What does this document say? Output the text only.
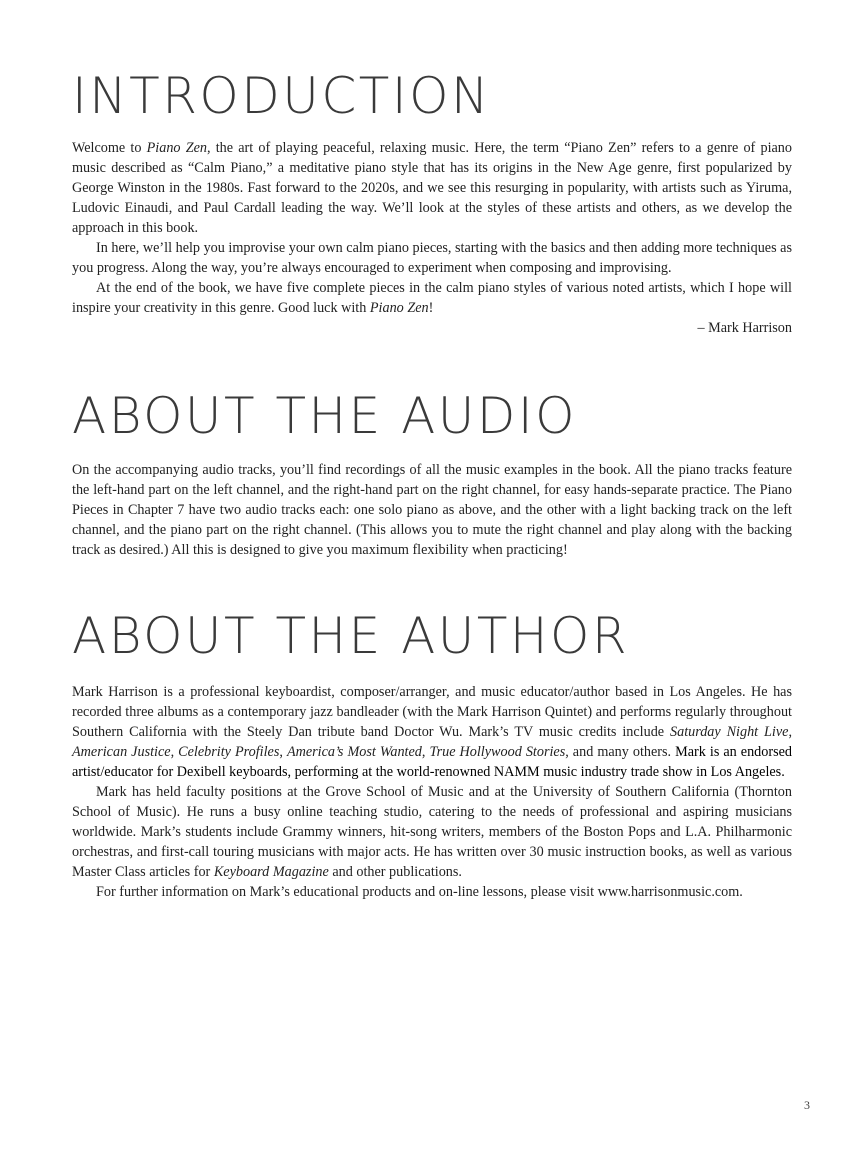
INTRODUCTION

Welcome to Piano Zen, the art of playing peaceful, relaxing music. Here, the term “Piano Zen” refers to a genre of piano music described as “Calm Piano,” a meditative piano style that has its origins in the New Age genre, first popularized by George Winston in the 1980s. Fast forward to the 2020s, and we see this resurging in popularity, with artists such as Yiruma, Ludovic Einaudi, and Paul Cardall leading the way. We’ll look at the styles of these artists and others, as we develop the approach in this book.

In here, we’ll help you improvise your own calm piano pieces, starting with the basics and then adding more techniques as you progress. Along the way, you’re always encouraged to experiment when composing and improvising.

At the end of the book, we have five complete pieces in the calm piano styles of various noted artists, which I hope will inspire your creativity in this genre. Good luck with Piano Zen!

– Mark Harrison

ABOUT THE AUDIO

On the accompanying audio tracks, you’ll find recordings of all the music examples in the book. All the piano tracks feature the left-hand part on the left channel, and the right-hand part on the right channel, for easy hands-separate practice. The Piano Pieces in Chapter 7 have two audio tracks each: one solo piano as above, and the other with a light backing track on the left channel, and the piano part on the right channel. (This allows you to mute the right channel and play along with the backing track as desired.) All this is designed to give you maximum flexibility when practicing!

ABOUT THE AUTHOR

Mark Harrison is a professional keyboardist, composer/arranger, and music educator/author based in Los Angeles. He has recorded three albums as a contemporary jazz bandleader (with the Mark Harrison Quintet) and performs regularly throughout Southern California with the Steely Dan tribute band Doctor Wu. Mark’s TV music credits include Saturday Night Live, American Justice, Celebrity Profiles, America’s Most Wanted, True Hollywood Stories, and many others. Mark is an endorsed artist/educator for Dexibell keyboards, performing at the world-renowned NAMM music industry trade show in Los Angeles.

Mark has held faculty positions at the Grove School of Music and at the University of Southern California (Thornton School of Music). He runs a busy online teaching studio, catering to the needs of professional and aspiring musicians worldwide. Mark’s students include Grammy winners, hit-song writers, members of the Boston Pops and L.A. Philharmonic orchestras, and first-call touring musicians with major acts. He has written over 30 music instruction books, as well as various Master Class articles for Keyboard Magazine and other publications.

For further information on Mark’s educational products and on-line lessons, please visit www.harrisonmusic.com.

3
